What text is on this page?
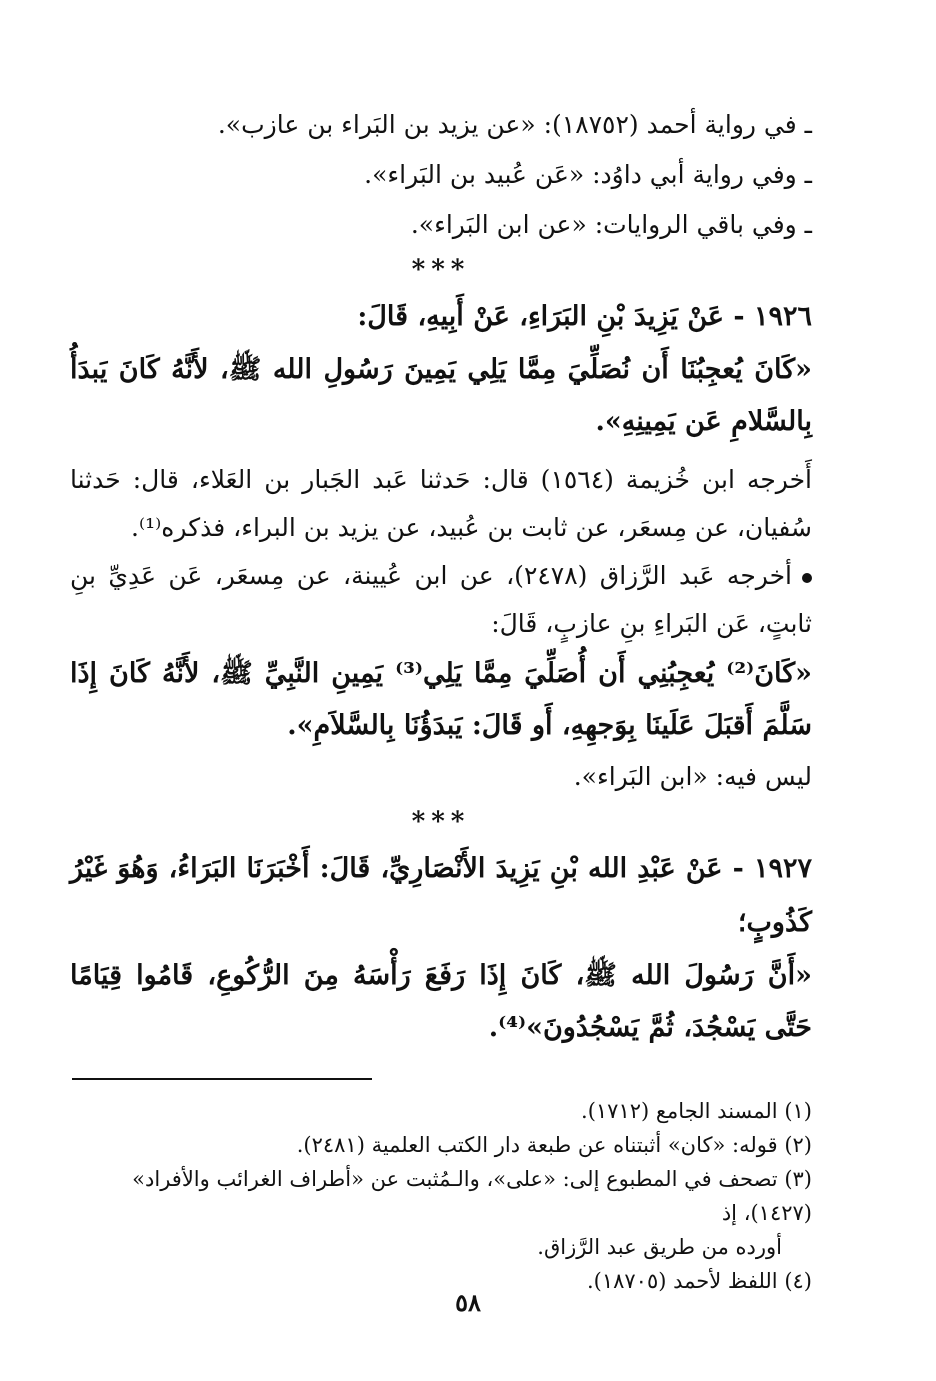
ـ في رواية أحمد (١٨٧٥٢): «عن يزيد بن البَراء بن عازب».

ـ وفي رواية أبي داوُد: «عَن عُبيد بن البَراء».

ـ وفي باقي الروايات: «عن ابن البَراء».

***

١٩٢٦ - عَنْ يَزِيدَ بْنِ البَرَاءِ، عَنْ أَبِيهِ، قَالَ:

«كَانَ يُعجِبُنَا أَن نُصَلِّيَ مِمَّا يَلِي يَمِينَ رَسُولِ الله ﷺ، لأَنَّهُ كَانَ يَبدَأُ بِالسَّلامِ عَن يَمِينِهِ».

أَخرجه ابن خُزيمة (١٥٦٤) قال: حَدثنا عَبد الجَبار بن العَلاء، قال: حَدثنا سُفيان، عن مِسعَر، عن ثابت بن عُبيد، عن يزيد بن البراء، فذكره⁽¹⁾.

أخرجه عَبد الرَّزاق (٢٤٧٨)، عن ابن عُيينة، عن مِسعَر، عَن عَدِيِّ بنِ ثابتٍ، عَن البَراءِ بنِ عازبٍ، قَالَ:

«كَانَ⁽²⁾ يُعجِبُنِي أَن أُصَلِّيَ مِمَّا يَلِي⁽³⁾ يَمِينِ النَّبِيِّ ﷺ، لأَنَّهُ كَانَ إِذَا سَلَّمَ أَقبَلَ عَلَينَا بِوَجهِهِ، أَو قَالَ: يَبدَؤُنَا بِالسَّلاَمِ».

ليس فيه: «ابن البَراء».

***

١٩٢٧ - عَنْ عَبْدِ الله بْنِ يَزِيدَ الأَنْصَارِيِّ، قَالَ: أَخْبَرَنَا البَرَاءُ، وَهُوَ غَيْرُ كَذُوبٍ؛

«أَنَّ رَسُولَ الله ﷺ، كَانَ إِذَا رَفَعَ رَأْسَهُ مِنَ الرُّكُوعِ، قَامُوا قِيَامًا حَتَّى يَسْجُدَ، ثُمَّ يَسْجُدُونَ»⁽⁴⁾.

(١) المسند الجامع (١٧١٢).

(٢) قوله: «كان» أثبتناه عن طبعة دار الكتب العلمية (٢٤٨١).

(٣) تصحف في المطبوع إلى: «على»، والـمُثبت عن «أطراف الغرائب والأفراد» (١٤٢٧)، إذ

أورده من طريق عبد الرَّزاق.

(٤) اللفظ لأحمد (١٨٧٠٥).

٥٨
